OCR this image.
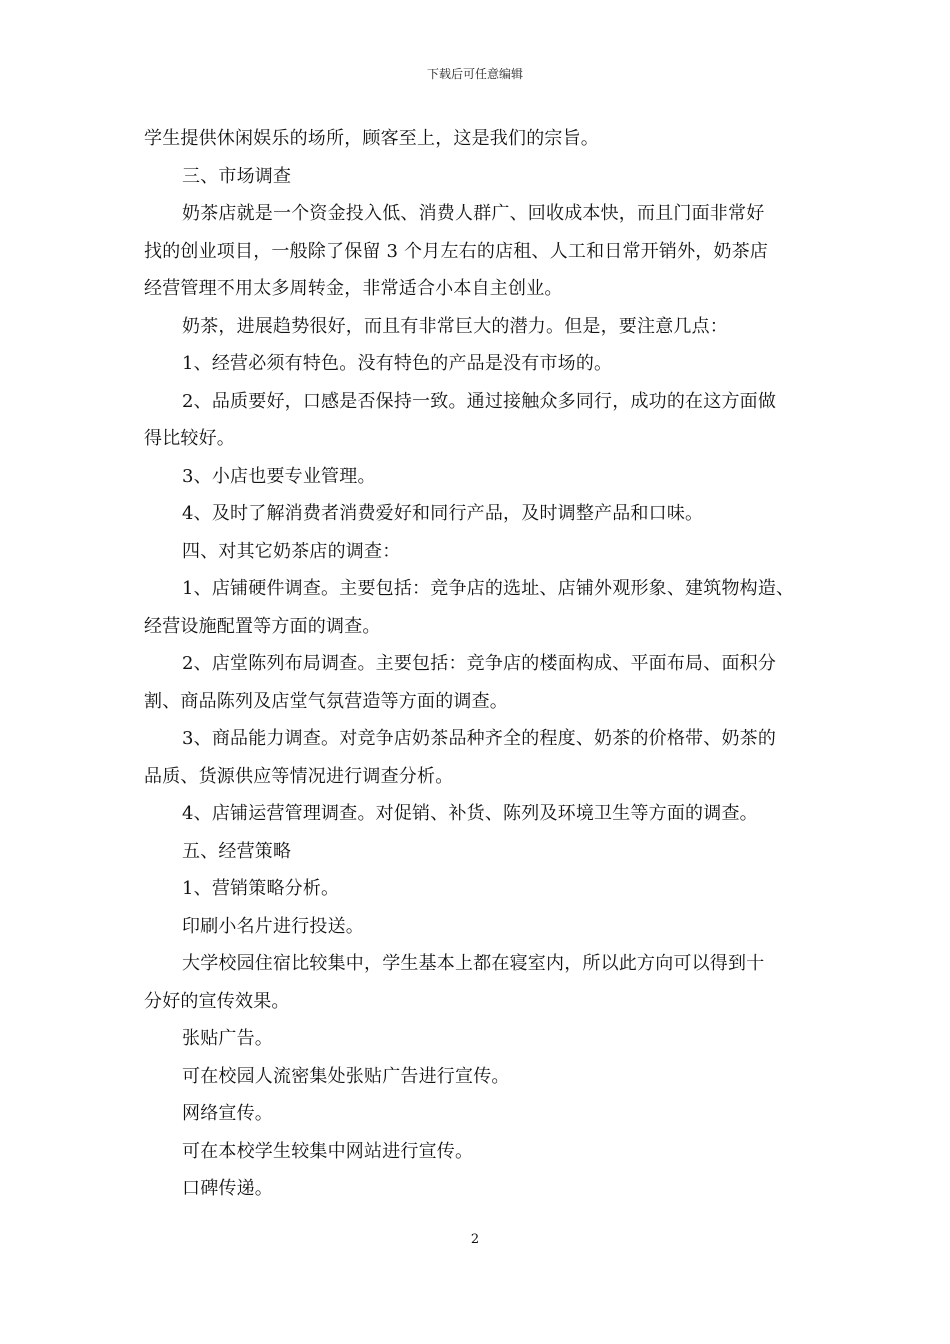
下载后可任意编辑

学生提供休闲娱乐的场所，顾客至上，这是我们的宗旨。

三、市场调查

奶茶店就是一个资金投入低、消费人群广、回收成本快，而且门面非常好

找的创业项目，一般除了保留 3 个月左右的店租、人工和日常开销外，奶茶店

经营管理不用太多周转金，非常适合小本自主创业。

奶茶，进展趋势很好，而且有非常巨大的潜力。但是，要注意几点：

1、经营必须有特色。没有特色的产品是没有市场的。

2、品质要好，口感是否保持一致。通过接触众多同行，成功的在这方面做

得比较好。

3、小店也要专业管理。

4、及时了解消费者消费爱好和同行产品，及时调整产品和口味。

四、对其它奶茶店的调查：

1、店铺硬件调查。主要包括：竞争店的选址、店铺外观形象、建筑物构造、

经营设施配置等方面的调查。

2、店堂陈列布局调查。主要包括：竞争店的楼面构成、平面布局、面积分

割、商品陈列及店堂气氛营造等方面的调查。

3、商品能力调查。对竞争店奶茶品种齐全的程度、奶茶的价格带、奶茶的

品质、货源供应等情况进行调查分析。

4、店铺运营管理调查。对促销、补货、陈列及环境卫生等方面的调查。

五、经营策略

1、营销策略分析。

印刷小名片进行投送。

大学校园住宿比较集中，学生基本上都在寝室内，所以此方向可以得到十

分好的宣传效果。

张贴广告。

可在校园人流密集处张贴广告进行宣传。

网络宣传。

可在本校学生较集中网站进行宣传。

口碑传递。

2
